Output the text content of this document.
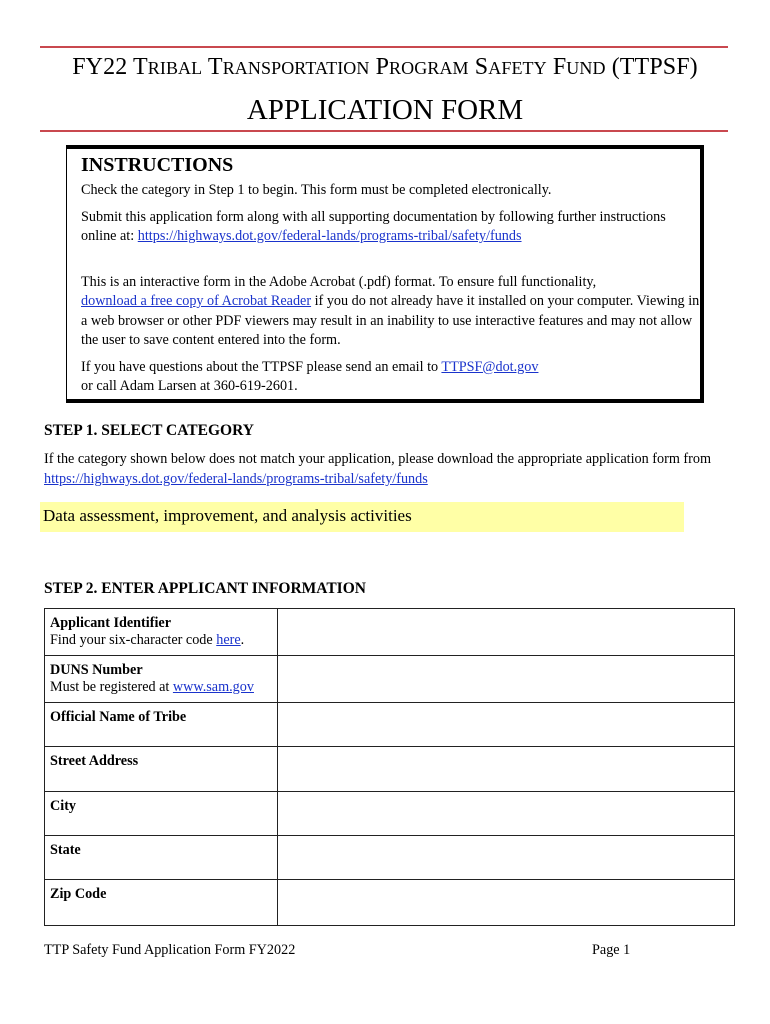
FY22 TRIBAL TRANSPORTATION PROGRAM SAFETY FUND (TTPSF)
APPLICATION FORM
INSTRUCTIONS
Check the category in Step 1 to begin. This form must be completed electronically.
Submit this application form along with all supporting documentation by following further instructions online at: https://highways.dot.gov/federal-lands/programs-tribal/safety/funds
This is an interactive form in the Adobe Acrobat (.pdf) format. To ensure full functionality,
download a free copy of Acrobat Reader if you do not already have it installed on your computer. Viewing in a web browser or other PDF viewers may result in an inability to use interactive features and may not allow the user to save content entered into the form.
If you have questions about the TTPSF please send an email to TTPSF@dot.gov
or call Adam Larsen at 360-619-2601.
STEP 1. SELECT CATEGORY
If the category shown below does not match your application, please download the appropriate application form from https://highways.dot.gov/federal-lands/programs-tribal/safety/funds
Data assessment, improvement, and analysis activities
STEP 2. ENTER APPLICANT INFORMATION
Applicant Identifier
Find your six-character code here.	

DUNS Number
Must be registered at www.sam.gov	

Official Name of Tribe	

Street Address	

City	

State	

Zip Code	
TTP Safety Fund Application Form FY2022	Page 1
